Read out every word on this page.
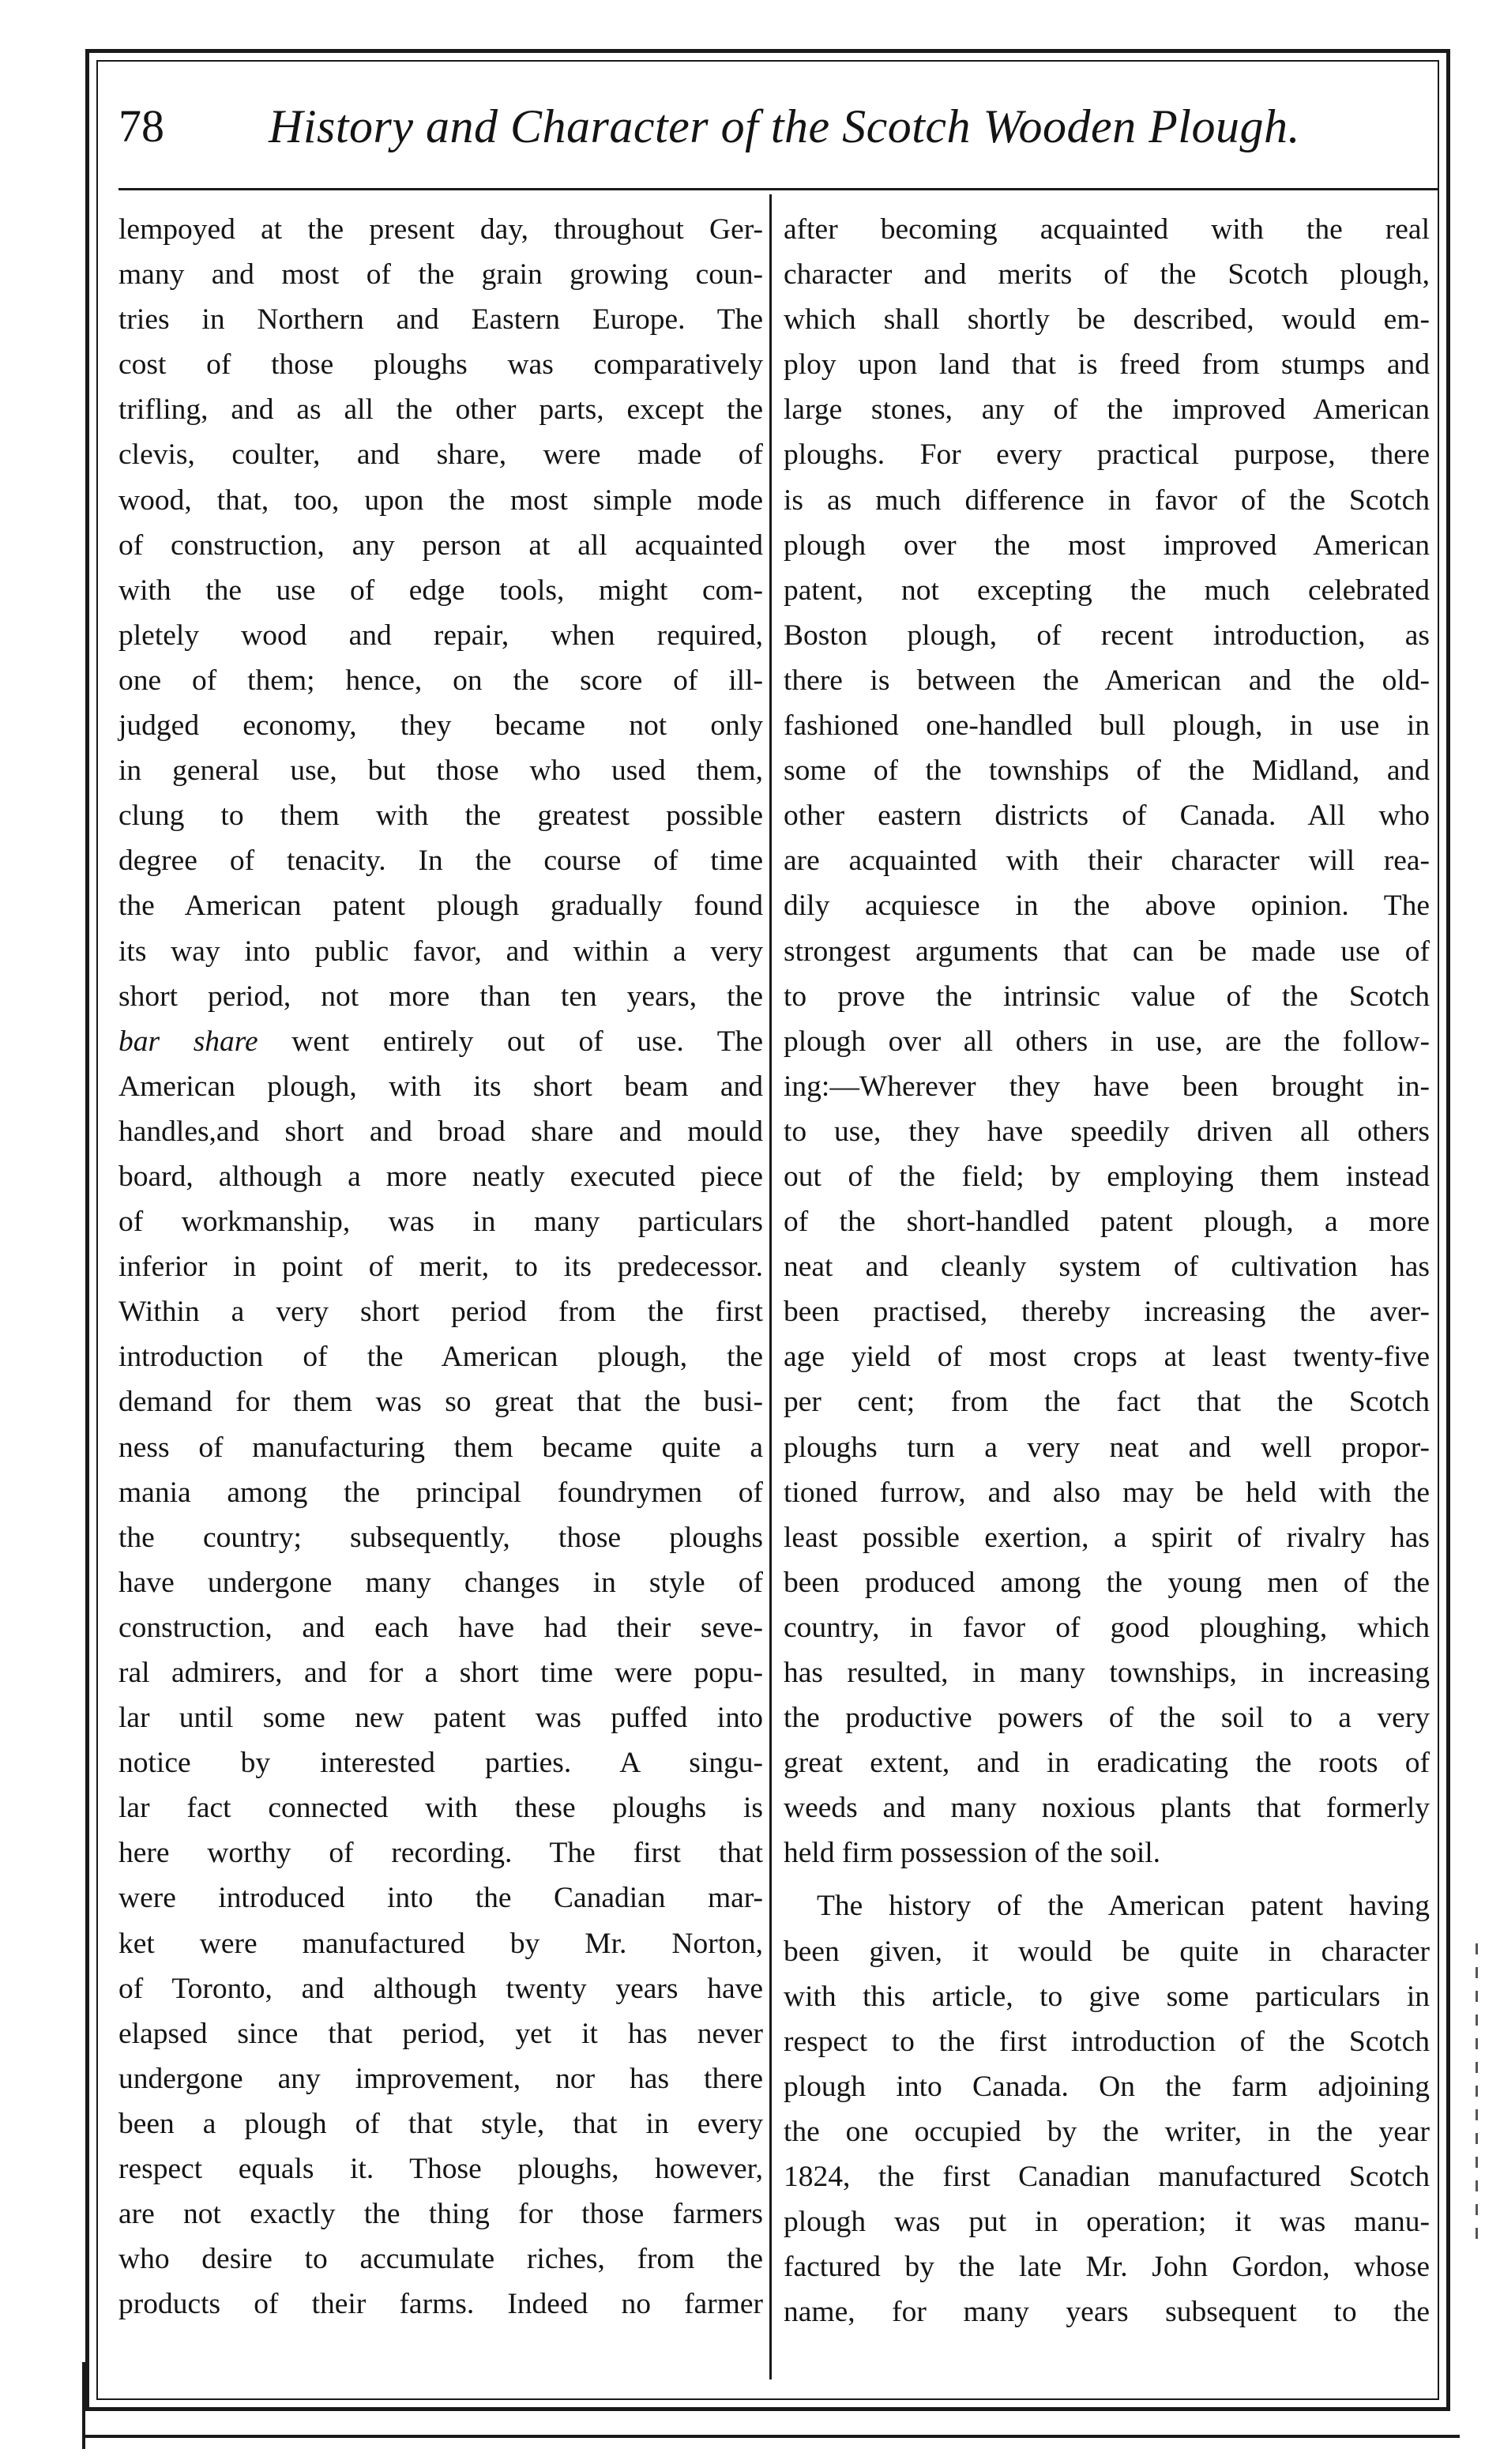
78 History and Character of the Scotch Wooden Plough.
lempoyed at the present day, throughout Ger-
many and most of the grain growing coun-
tries in Northern and Eastern Europe. The
cost of those ploughs was comparatively
trifling, and as all the other parts, except the
clevis, coulter, and share, were made of
wood, that, too, upon the most simple mode
of construction, any person at all acquainted
with the use of edge tools, might com-
pletely wood and repair, when required,
one of them; hence, on the score of ill-
judged economy, they became not only
in general use, but those who used them,
clung to them with the greatest possible
degree of tenacity. In the course of time
the American patent plough gradually found
its way into public favor, and within a very
short period, not more than ten years, the
bar share went entirely out of use. The
American plough, with its short beam and
handles,and short and broad share and mould
board, although a more neatly executed piece
of workmanship, was in many particulars
inferior in point of merit, to its predecessor.
Within a very short period from the first
introduction of the American plough, the
demand for them was so great that the busi-
ness of manufacturing them became quite a
mania among the principal foundrymen of
the country; subsequently, those ploughs
have undergone many changes in style of
construction, and each have had their seve-
ral admirers, and for a short time were popu-
lar until some new patent was puffed into
notice by interested parties. A singu-
lar fact connected with these ploughs is
here worthy of recording. The first that
were introduced into the Canadian mar-
ket were manufactured by Mr. Norton,
of Toronto, and although twenty years have
elapsed since that period, yet it has never
undergone any improvement, nor has there
been a plough of that style, that in every
respect equals it. Those ploughs, however,
are not exactly the thing for those farmers
who desire to accumulate riches, from the
products of their farms. Indeed no farmer
after becoming acquainted with the real
character and merits of the Scotch plough,
which shall shortly be described, would em-
ploy upon land that is freed from stumps and
large stones, any of the improved American
ploughs. For every practical purpose, there
is as much difference in favor of the Scotch
plough over the most improved American
patent, not excepting the much celebrated
Boston plough, of recent introduction, as
there is between the American and the old-
fashioned one-handled bull plough, in use in
some of the townships of the Midland, and
other eastern districts of Canada. All who
are acquainted with their character will rea-
dily acquiesce in the above opinion. The
strongest arguments that can be made use of
to prove the intrinsic value of the Scotch
plough over all others in use, are the follow-
ing:—Wherever they have been brought in-
to use, they have speedily driven all others
out of the field; by employing them instead
of the short-handled patent plough, a more
neat and cleanly system of cultivation has
been practised, thereby increasing the aver-
age yield of most crops at least twenty-five
per cent; from the fact that the Scotch
ploughs turn a very neat and well propor-
tioned furrow, and also may be held with the
least possible exertion, a spirit of rivalry has
been produced among the young men of the
country, in favor of good ploughing, which
has resulted, in many townships, in increasing
the productive powers of the soil to a very
great extent, and in eradicating the roots of
weeds and many noxious plants that formerly
held firm possession of the soil.
The history of the American patent having
been given, it would be quite in character
with this article, to give some particulars in
respect to the first introduction of the Scotch
plough into Canada. On the farm adjoining
the one occupied by the writer, in the year
1824, the first Canadian manufactured Scotch
plough was put in operation; it was manu-
factured by the late Mr. John Gordon, whose
name, for many years subsequent to the
